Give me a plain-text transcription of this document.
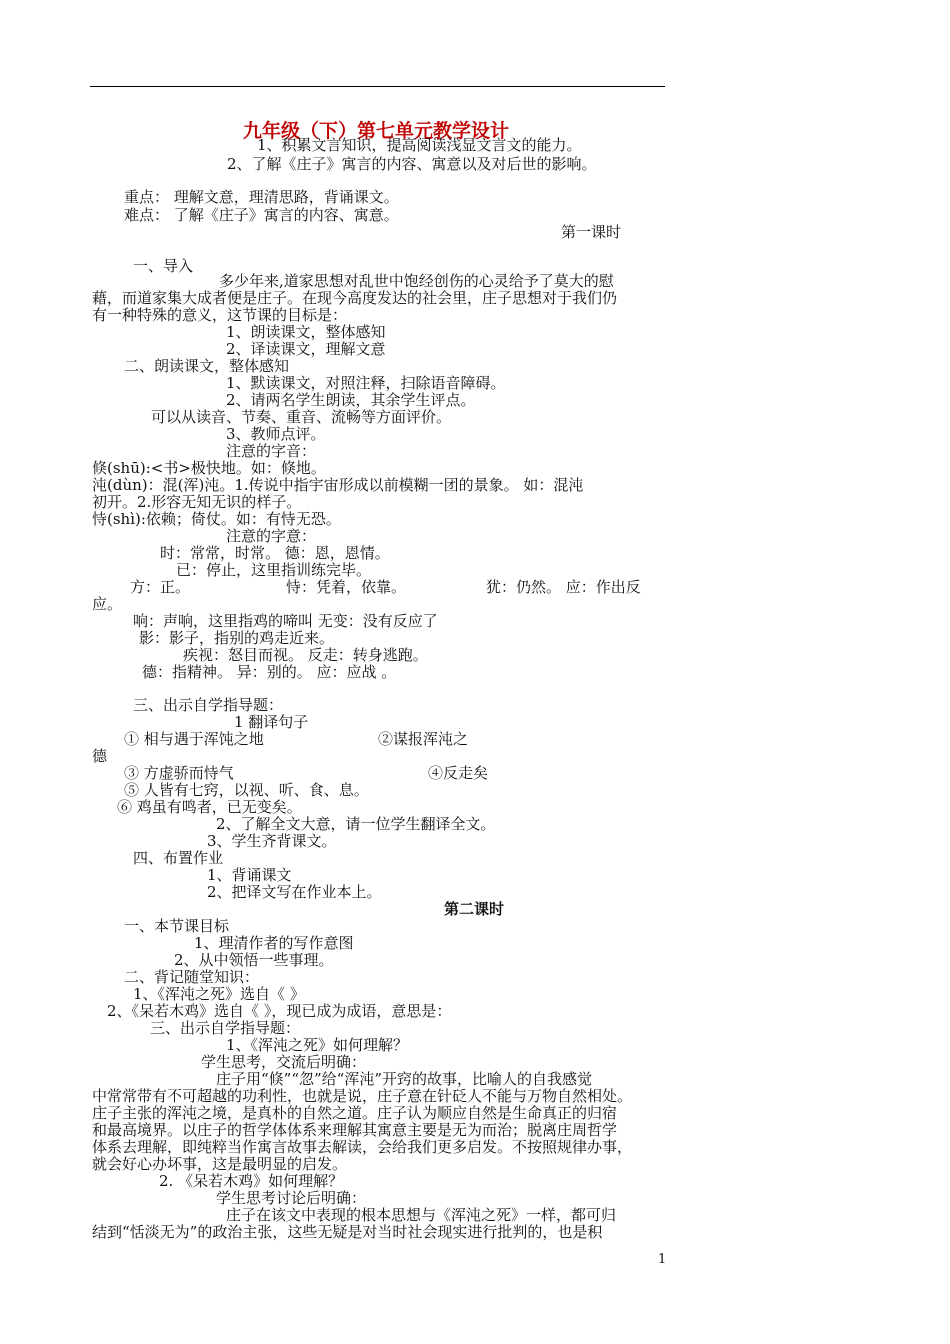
九年级（下）第七单元教学设计
1、积累文言知识，提高阅读浅显文言文的能力。
2、了解《庄子》寓言的内容、寓意以及对后世的影响。
重点： 理解文意，理清思路，背诵课文。
难点： 了解《庄子》寓言的内容、寓意。
第一课时
一、导入
多少年来,道家思想对乱世中饱经创伤的心灵给予了莫大的慰
藉，而道家集大成者便是庄子。在现今高度发达的社会里，庄子思想对于我们仍
有一种特殊的意义，这节课的目标是：
1、朗读课文，整体感知
2、译读课文，理解文意
二、朗读课文，整体感知
1、默读课文，对照注释，扫除语音障碍。
2、请两名学生朗读，其余学生评点。
可以从读音、节奏、重音、流畅等方面评价。
3、教师点评。
注意的字音：
倏(shū):<书>极快地。如：倏地。
沌(dùn)：混(浑)沌。1.传说中指宇宙形成以前模糊一团的景象。 如：混沌
初开。2.形容无知无识的样子。
恃(shì):依赖；倚仗。如：有恃无恐。
注意的字意：
时：常常，时常。 德：恩，恩情。
已：停止，这里指训练完毕。
方：正。	恃：凭着，依靠。	犹：仍然。 应：作出反
应。
响：声响，这里指鸡的啼叫 无变：没有反应了
影：影子，指别的鸡走近来。
疾视：怒目而视。 反走：转身逃跑。
德：指精神。 异：别的。 应：应战 。
三、出示自学指导题：
1 翻译句子
① 相与遇于浑饨之地	②谋报浑沌之
德
③ 方虚骄而恃气	④反走矣
⑤ 人皆有七窍，以视、听、食、息。
⑥ 鸡虽有鸣者，已无变矣。
2、了解全文大意，请一位学生翻译全文。
3、学生齐背课文。
四、布置作业
1、背诵课文
2、把译文写在作业本上。
第二课时
一、本节课目标
1、理清作者的写作意图
2、从中领悟一些事理。
二、背记随堂知识：
1、《浑沌之死》选自《 》
2、《呆若木鸡》选自《 》，现已成为成语，意思是：
三、出示自学指导题：
1、《浑沌之死》如何理解？
学生思考，交流后明确：
庄子用“倏”“忽”给“浑沌”开窍的故事，比喻人的自我感觉
中常常带有不可超越的功利性，也就是说，庄子意在针砭人不能与万物自然相处。
庄子主张的浑沌之境，是真朴的自然之道。庄子认为顺应自然是生命真正的归宿
和最高境界。以庄子的哲学体体系来理解其寓意主要是无为而治；脱离庄周哲学
体系去理解，即纯粹当作寓言故事去解读，会给我们更多启发。不按照规律办事，
就会好心办坏事，这是最明显的启发。
2. 《呆若木鸡》如何理解？
学生思考讨论后明确：
庄子在该文中表现的根本思想与《浑沌之死》一样，都可归
结到“恬淡无为”的政治主张，这些无疑是对当时社会现实进行批判的，也是积
1
